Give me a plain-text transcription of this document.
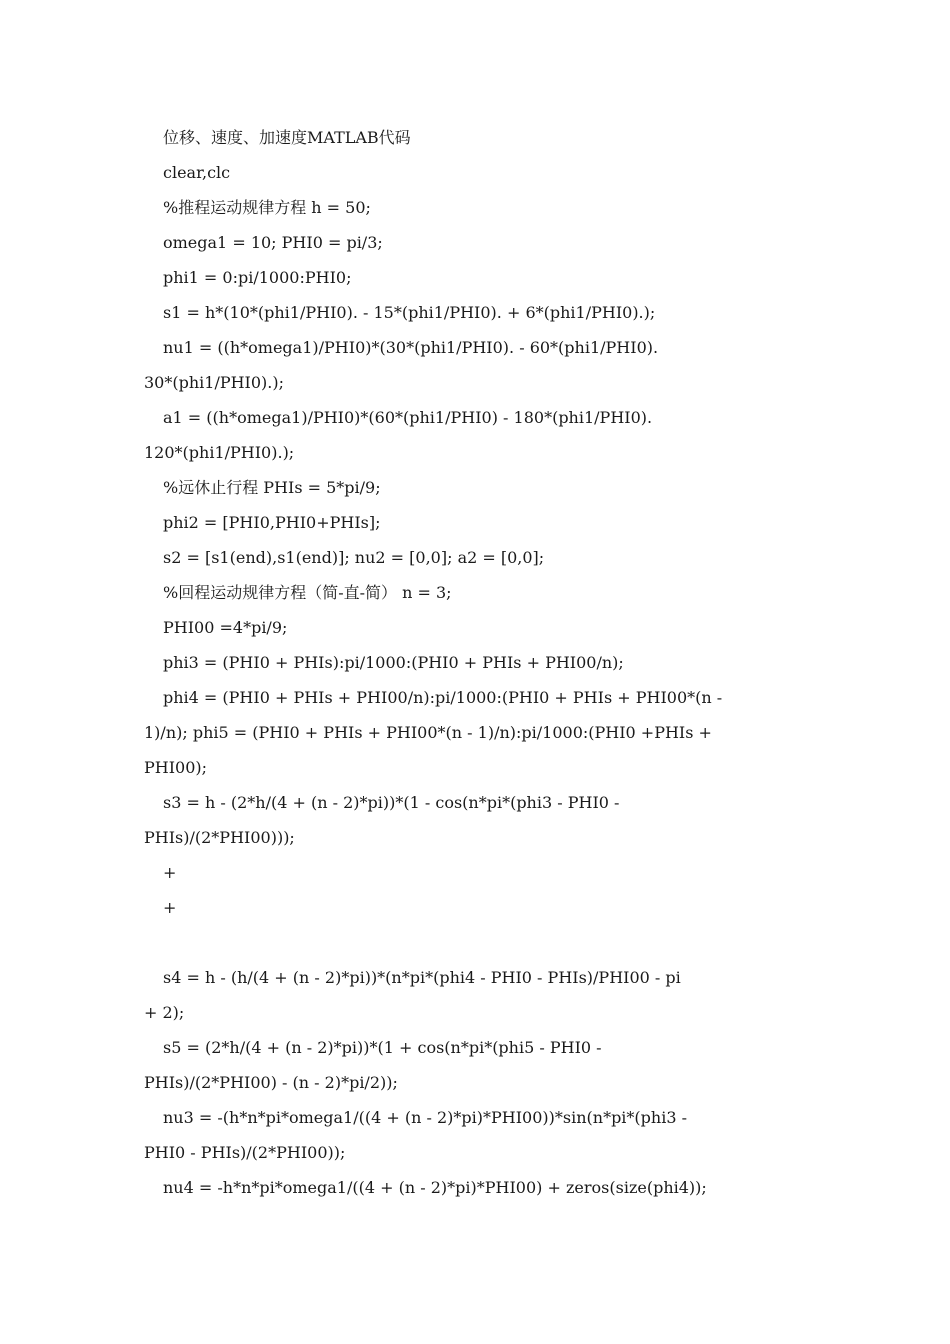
位移、速度、加速度MATLAB代码
clear,clc
%推程运动规律方程 h = 50;
omega1 = 10; PHI0 = pi/3;
phi1 = 0:pi/1000:PHI0;
s1 = h*(10*(phi1/PHI0). - 15*(phi1/PHI0). + 6*(phi1/PHI0).);
nu1 = ((h*omega1)/PHI0)*(30*(phi1/PHI0). - 60*(phi1/PHI0).
30*(phi1/PHI0).);
a1 = ((h*omega1)/PHI0)*(60*(phi1/PHI0) - 180*(phi1/PHI0).
120*(phi1/PHI0).);
%远休止行程 PHIs = 5*pi/9;
phi2 = [PHI0,PHI0+PHIs];
s2 = [s1(end),s1(end)]; nu2 = [0,0]; a2 = [0,0];
%回程运动规律方程（简-直-简） n = 3;
PHI00 =4*pi/9;
phi3 = (PHI0 + PHIs):pi/1000:(PHI0 + PHIs + PHI00/n);
phi4 = (PHI0 + PHIs + PHI00/n):pi/1000:(PHI0 + PHIs + PHI00*(n -
1)/n); phi5 = (PHI0 + PHIs + PHI00*(n - 1)/n):pi/1000:(PHI0 +PHIs +
PHI00);
s3 = h - (2*h/(4 + (n - 2)*pi))*(1 - cos(n*pi*(phi3 - PHI0 -
PHIs)/(2*PHI00)));
+
+
s4 = h - (h/(4 + (n - 2)*pi))*(n*pi*(phi4 - PHI0 - PHIs)/PHI00 - pi
+ 2);
s5 = (2*h/(4 + (n - 2)*pi))*(1 + cos(n*pi*(phi5 - PHI0 -
PHIs)/(2*PHI00) - (n - 2)*pi/2));
nu3 = -(h*n*pi*omega1/((4 + (n - 2)*pi)*PHI00))*sin(n*pi*(phi3 -
PHI0 - PHIs)/(2*PHI00));
nu4 = -h*n*pi*omega1/((4 + (n - 2)*pi)*PHI00) + zeros(size(phi4));
